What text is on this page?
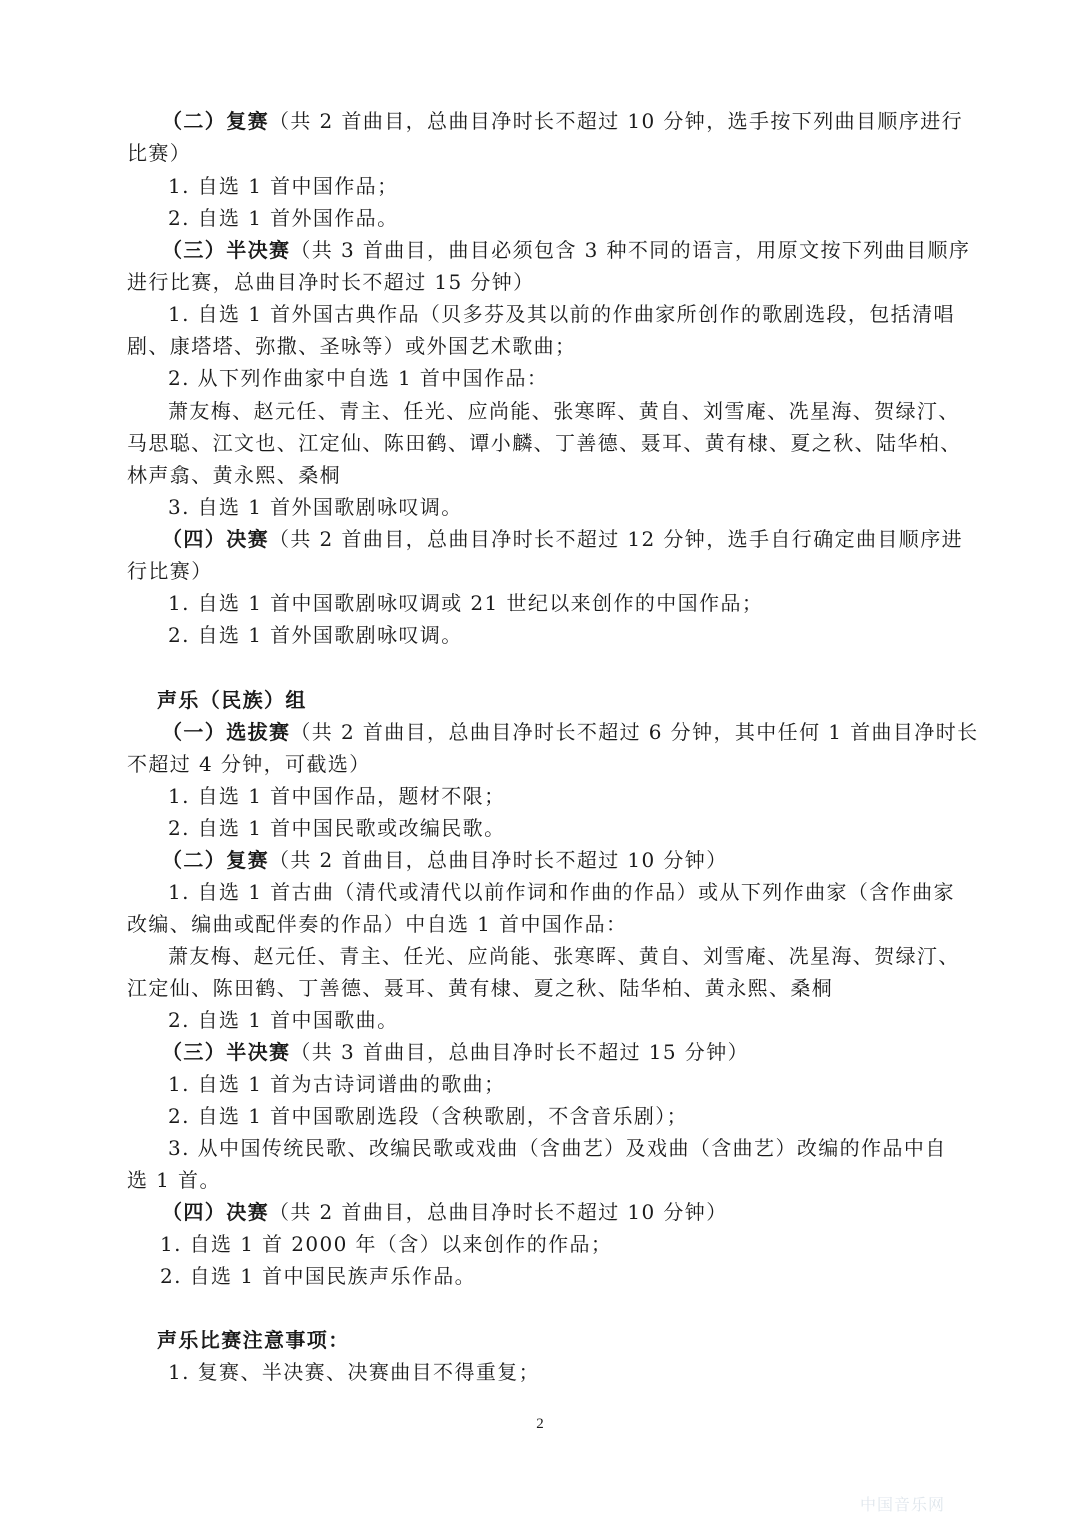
2
中国音乐网
（二）复赛（共 2 首曲目，总曲目净时长不超过 10 分钟，选手按下列曲目顺序进行
比赛）
1. 自选 1 首中国作品；
2. 自选 1 首外国作品。
（三）半决赛（共 3 首曲目，曲目必须包含 3 种不同的语言，用原文按下列曲目顺序
进行比赛，总曲目净时长不超过 15 分钟）
1. 自选 1 首外国古典作品（贝多芬及其以前的作曲家所创作的歌剧选段，包括清唱
剧、康塔塔、弥撒、圣咏等）或外国艺术歌曲；
2. 从下列作曲家中自选 1 首中国作品：
萧友梅、赵元任、青主、任光、应尚能、张寒晖、黄自、刘雪庵、冼星海、贺绿汀、
马思聪、江文也、江定仙、陈田鹤、谭小麟、丁善德、聂耳、黄有棣、夏之秋、陆华柏、
林声翕、黄永熙、桑桐
3. 自选 1 首外国歌剧咏叹调。
（四）决赛（共 2 首曲目，总曲目净时长不超过 12 分钟，选手自行确定曲目顺序进
行比赛）
1. 自选 1 首中国歌剧咏叹调或 21 世纪以来创作的中国作品；
2. 自选 1 首外国歌剧咏叹调。
声乐（民族）组
（一）选拔赛（共 2 首曲目，总曲目净时长不超过 6 分钟，其中任何 1 首曲目净时长
不超过 4 分钟，可截选）
1. 自选 1 首中国作品，题材不限；
2. 自选 1 首中国民歌或改编民歌。
（二）复赛（共 2 首曲目，总曲目净时长不超过 10 分钟）
1. 自选 1 首古曲（清代或清代以前作词和作曲的作品）或从下列作曲家（含作曲家
改编、编曲或配伴奏的作品）中自选 1 首中国作品：
萧友梅、赵元任、青主、任光、应尚能、张寒晖、黄自、刘雪庵、冼星海、贺绿汀、
江定仙、陈田鹤、丁善德、聂耳、黄有棣、夏之秋、陆华柏、黄永熙、桑桐
2. 自选 1 首中国歌曲。
（三）半决赛（共 3 首曲目，总曲目净时长不超过 15 分钟）
1. 自选 1 首为古诗词谱曲的歌曲；
2. 自选 1 首中国歌剧选段（含秧歌剧，不含音乐剧）；
3. 从中国传统民歌、改编民歌或戏曲（含曲艺）及戏曲（含曲艺）改编的作品中自
选 1 首。
（四）决赛（共 2 首曲目，总曲目净时长不超过 10 分钟）
1. 自选 1 首 2000 年（含）以来创作的作品；
2. 自选 1 首中国民族声乐作品。
声乐比赛注意事项：
1. 复赛、半决赛、决赛曲目不得重复；
